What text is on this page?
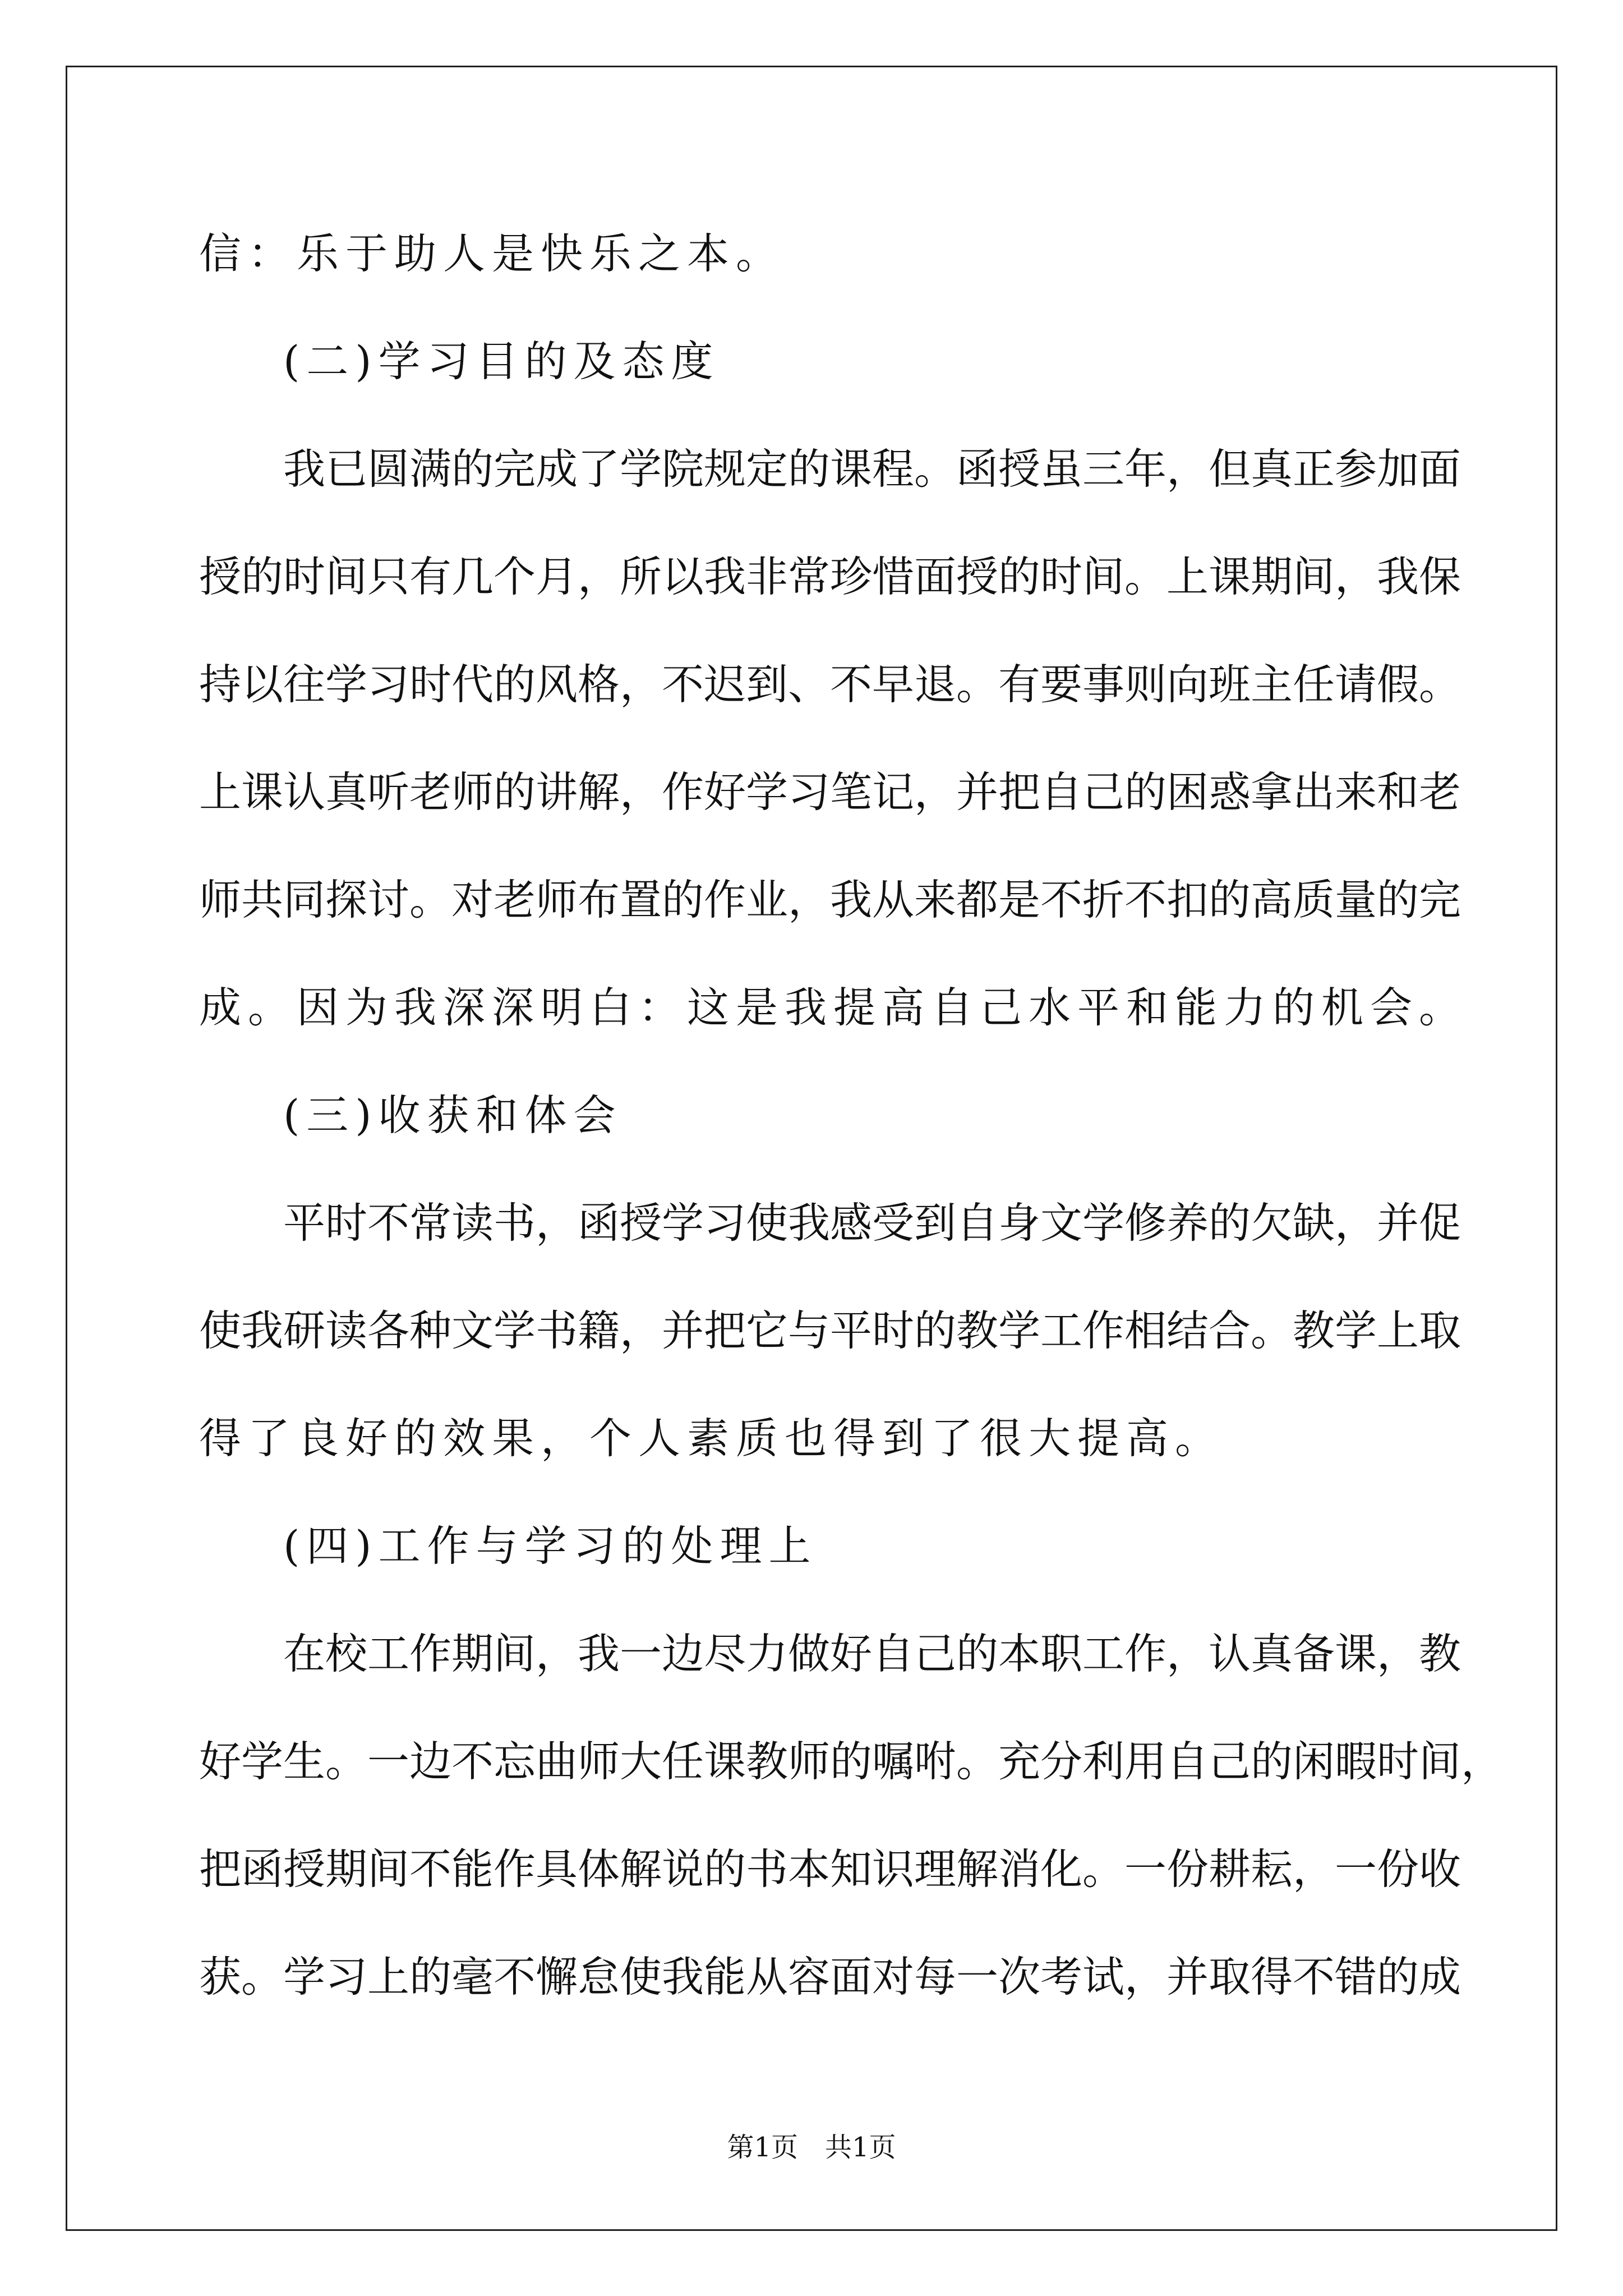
信：乐于助人是快乐之本。
(二)学习目的及态度
我已圆满的完成了学院规定的课程。函授虽三年，但真正参加面
授的时间只有几个月，所以我非常珍惜面授的时间。上课期间，我保
持以往学习时代的风格，不迟到、不早退。有要事则向班主任请假。
上课认真听老师的讲解，作好学习笔记，并把自己的困惑拿出来和老
师共同探讨。对老师布置的作业，我从来都是不折不扣的高质量的完
成。因为我深深明白：这是我提高自己水平和能力的机会。
(三)收获和体会
平时不常读书，函授学习使我感受到自身文学修养的欠缺，并促
使我研读各种文学书籍，并把它与平时的教学工作相结合。教学上取
得了良好的效果，个人素质也得到了很大提高。
(四)工作与学习的处理上
在校工作期间，我一边尽力做好自己的本职工作，认真备课，教
好学生。一边不忘曲师大任课教师的嘱咐。充分利用自己的闲暇时间，
把函授期间不能作具体解说的书本知识理解消化。一份耕耘，一份收
获。学习上的毫不懈怠使我能从容面对每一次考试，并取得不错的成
第1页　共1页
